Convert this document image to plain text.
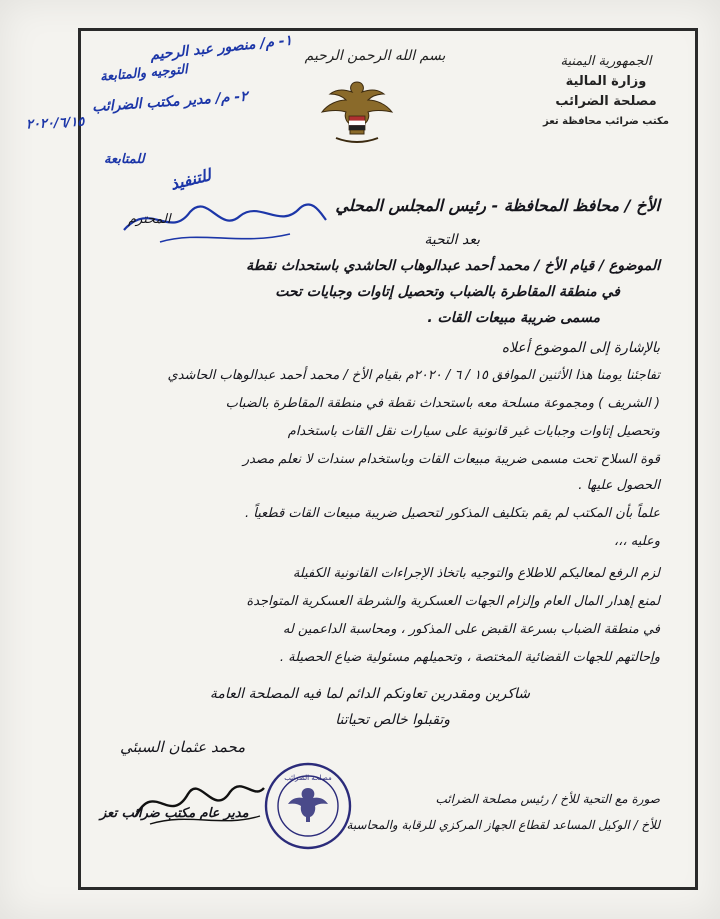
الجمهورية اليمنية
وزارة المالية
مصلحة الضرائب
مكتب ضرائب محافظة تعز
بسم الله الرحمن الرحيم
١- م/ منصور عبد الرحيم
التوجيه والمتابعة
٢- م/ مدير مكتب الضرائب
٢٠٢٠/٦/١٥
للمتابعة
للتنفيذ
الأخ / محافظ المحافظة - رئيس المجلس المحلي
المحترم
بعد التحية
الموضوع / قيام الأخ / محمد أحمد عبدالوهاب الحاشدي باستحداث نقطة
في منطقة المقاطرة بالضباب وتحصيل إتاوات وجبايات تحت
مسمى ضريبة مبيعات القات .
بالإشارة إلى الموضوع أعلاه
تفاجئنا يومنا هذا الأثنين الموافق ١٥ / ٦ / ٢٠٢٠م بقيام الأخ / محمد أحمد عبدالوهاب الحاشدي
( الشريف ) ومجموعة مسلحة معه باستحداث نقطة في منطقة المقاطرة بالضباب
وتحصيل إتاوات وجبايات غير قانونية على سيارات نقل القات باستخدام
قوة السلاح تحت مسمى ضريبة مبيعات القات وباستخدام سندات لا نعلم مصدر
الحصول عليها .
علماً بأن المكتب لم يقم بتكليف المذكور لتحصيل ضريبة مبيعات القات قطعياً .
وعليه ،،،
لزم الرفع لمعاليكم للاطلاع والتوجيه باتخاذ الإجراءات القانونية الكفيلة
لمنع إهدار المال العام وإلزام الجهات العسكرية والشرطة العسكرية المتواجدة
في منطقة الضباب بسرعة القبض على المذكور ، ومحاسبة الداعمين له
وإحالتهم للجهات القضائية المختصة ، وتحميلهم مسئولية ضياع الحصيلة .
شاكرين ومقدرين تعاونكم الدائم لما فيه المصلحة العامة
وتقبلوا خالص تحياتنا
محمد عثمان السبئي
مدير عام مكتب ضرائب تعز
مصلحة الضرائب
صورة مع التحية للأخ / رئيس مصلحة الضرائب
للأخ / الوكيل المساعد لقطاع الجهاز المركزي للرقابة والمحاسبة
